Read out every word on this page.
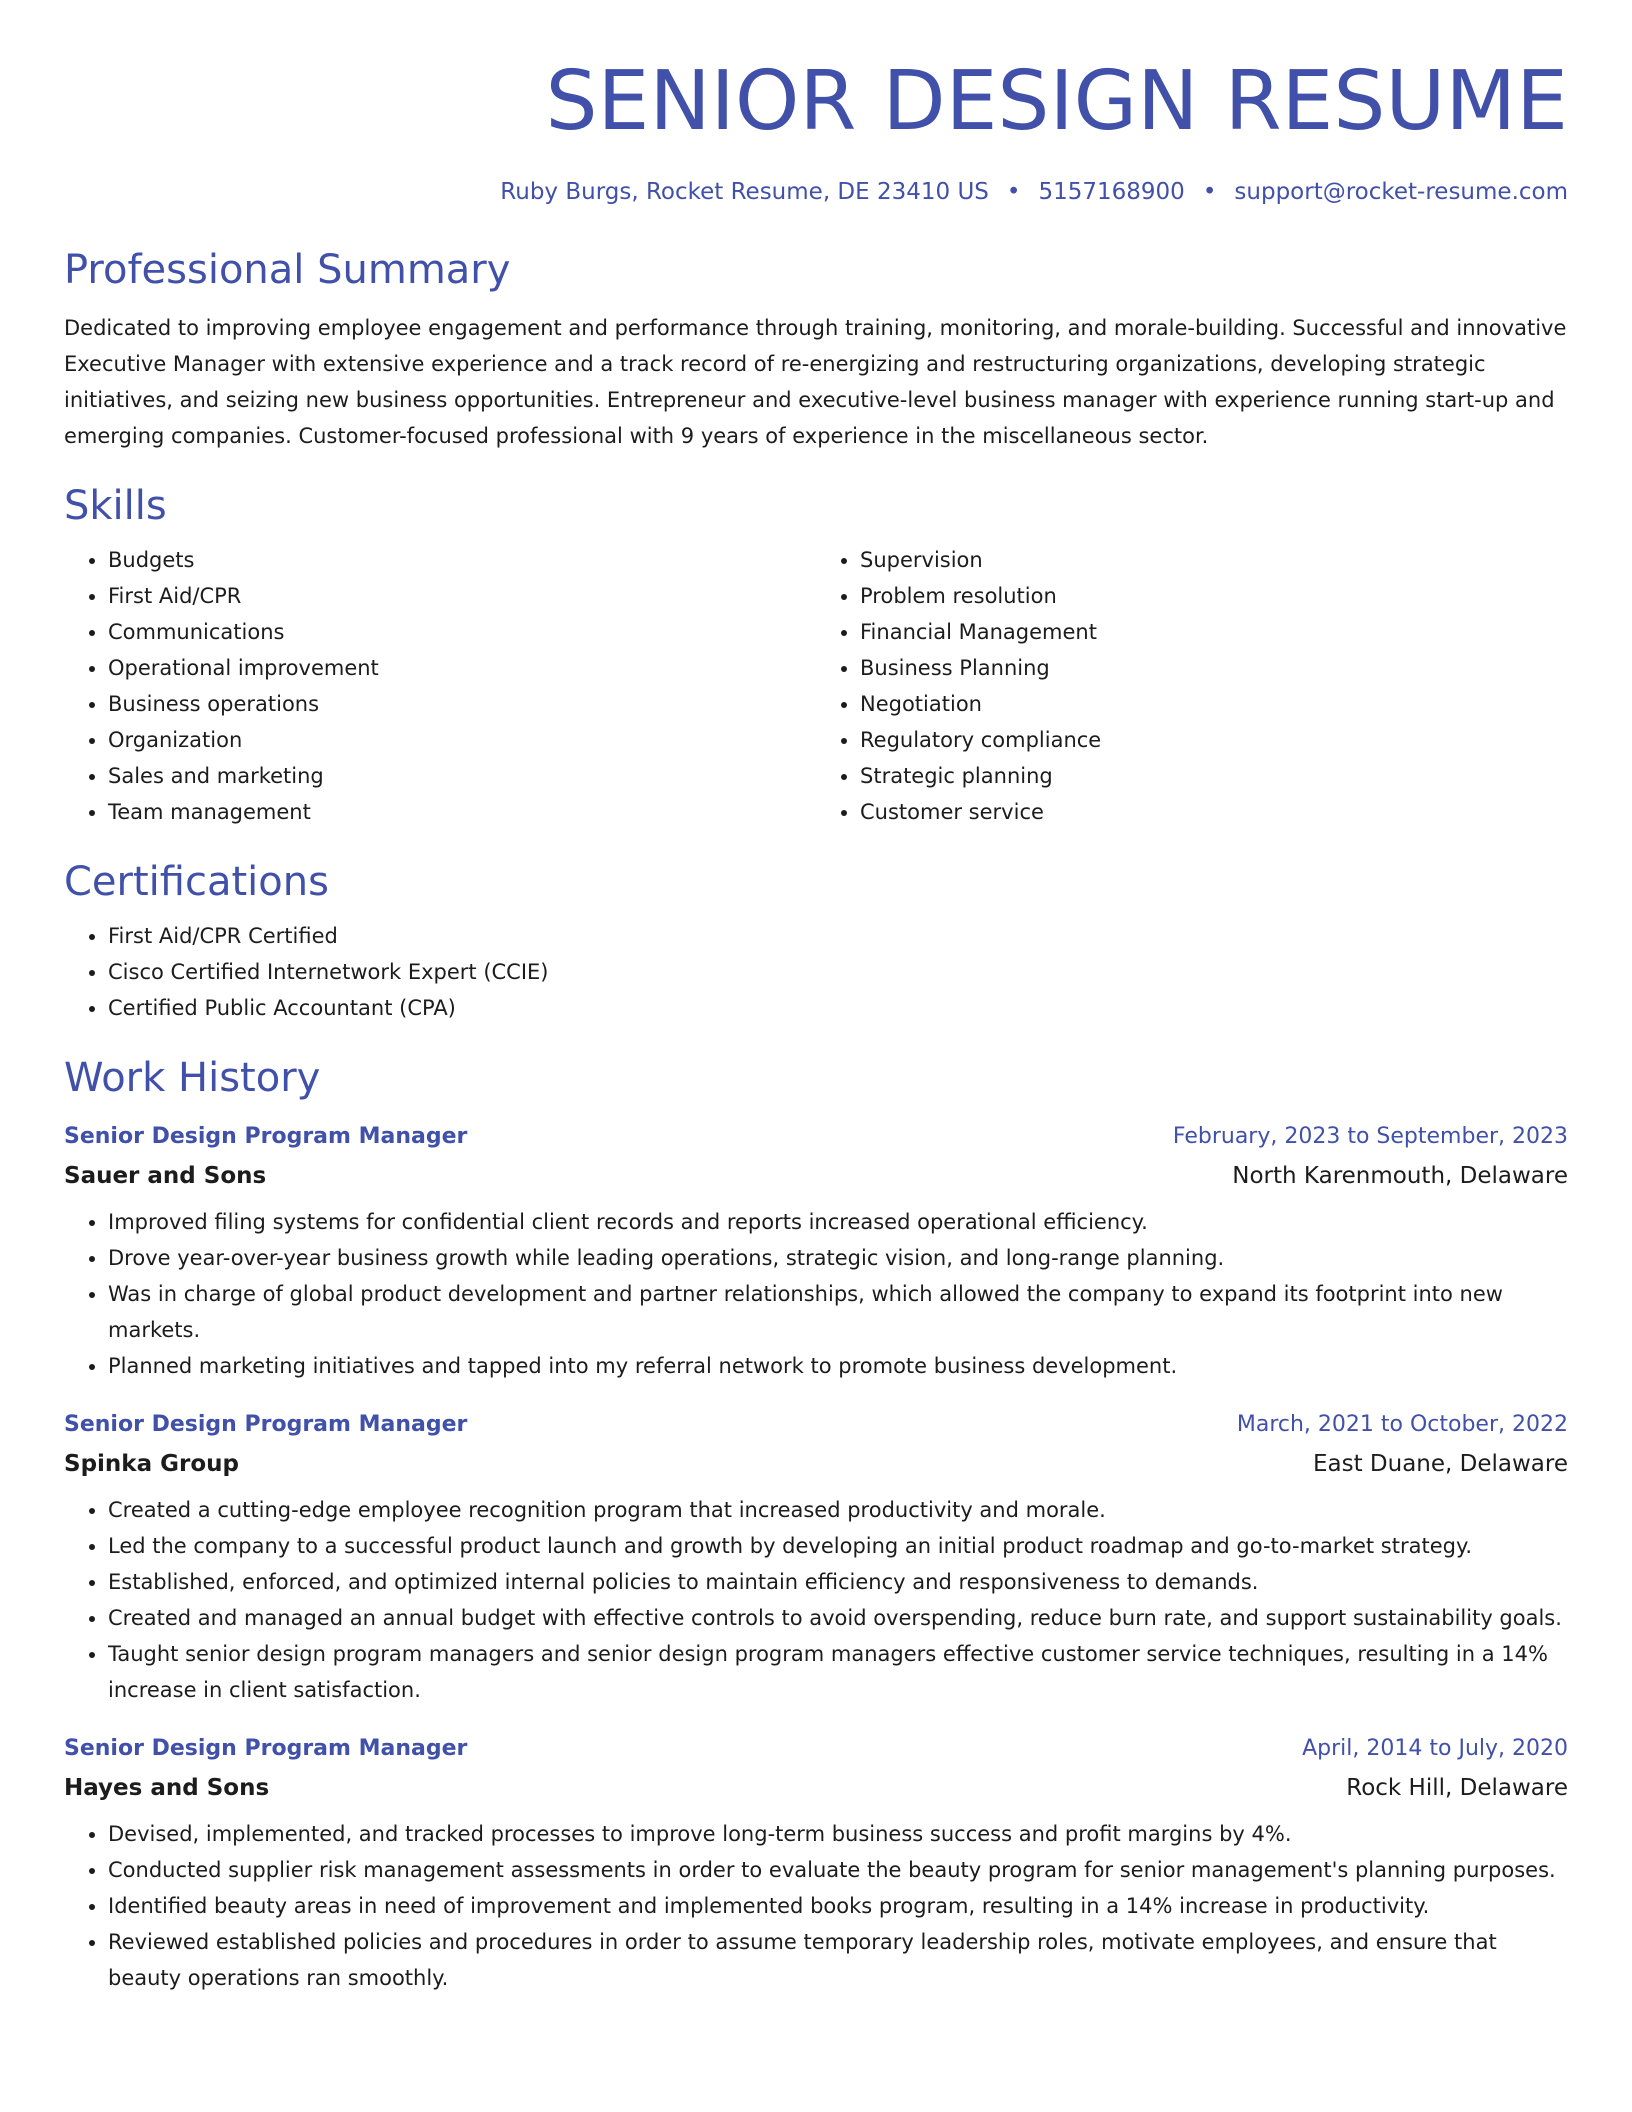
SENIOR DESIGN RESUME
Ruby Burgs, Rocket Resume, DE 23410 US • 5157168900 • support@rocket-resume.com
Professional Summary

Dedicated to improving employee engagement and performance through training, monitoring, and morale-building. Successful and innovative Executive Manager with extensive experience and a track record of re-energizing and restructuring organizations, developing strategic initiatives, and seizing new business opportunities. Entrepreneur and executive-level business manager with experience running start-up and emerging companies. Customer-focused professional with 9 years of experience in the miscellaneous sector.

Skills
• Budgets
• First Aid/CPR
• Communications
• Operational improvement
• Business operations
• Organization
• Sales and marketing
• Team management
• Supervision
• Problem resolution
• Financial Management
• Business Planning
• Negotiation
• Regulatory compliance
• Strategic planning
• Customer service
Certifications
• First Aid/CPR Certified
• Cisco Certified Internetwork Expert (CCIE)
• Certified Public Accountant (CPA)
Work History
Senior Design Program Manager	February, 2023 to September, 2023
Sauer and Sons	North Karenmouth, Delaware
• Improved filing systems for confidential client records and reports increased operational efficiency.
• Drove year-over-year business growth while leading operations, strategic vision, and long-range planning.
• Was in charge of global product development and partner relationships, which allowed the company to expand its footprint into new markets.
• Planned marketing initiatives and tapped into my referral network to promote business development.
Senior Design Program Manager	March, 2021 to October, 2022
Spinka Group	East Duane, Delaware
• Created a cutting-edge employee recognition program that increased productivity and morale.
• Led the company to a successful product launch and growth by developing an initial product roadmap and go-to-market strategy.
• Established, enforced, and optimized internal policies to maintain efficiency and responsiveness to demands.
• Created and managed an annual budget with effective controls to avoid overspending, reduce burn rate, and support sustainability goals.
• Taught senior design program managers and senior design program managers effective customer service techniques, resulting in a 14% increase in client satisfaction.
Senior Design Program Manager	April, 2014 to July, 2020
Hayes and Sons	Rock Hill, Delaware
• Devised, implemented, and tracked processes to improve long-term business success and profit margins by 4%.
• Conducted supplier risk management assessments in order to evaluate the beauty program for senior management's planning purposes.
• Identified beauty areas in need of improvement and implemented books program, resulting in a 14% increase in productivity.
• Reviewed established policies and procedures in order to assume temporary leadership roles, motivate employees, and ensure that beauty operations ran smoothly.
